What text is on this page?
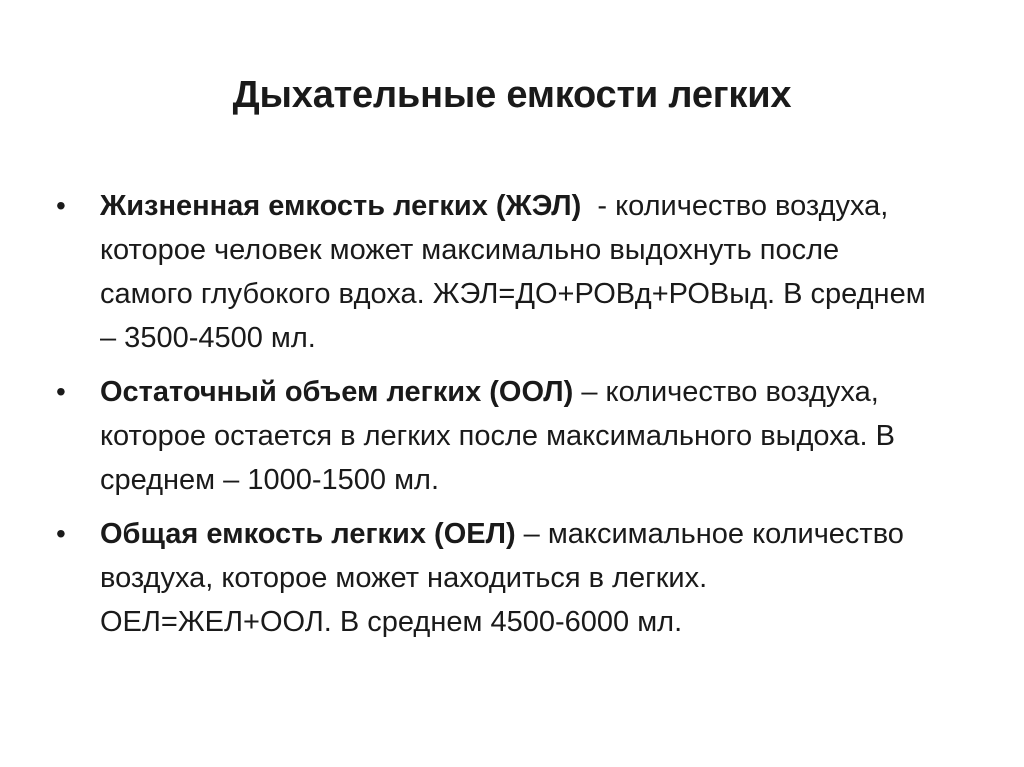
Дыхательные емкости легких
•	Жизненная емкость легких (ЖЭЛ)  - количество воздуха, которое человек может максимально выдохнуть после самого глубокого вдоха. ЖЭЛ=ДО+РОВд+РОВыд. В среднем – 3500-4500 мл.
•	Остаточный объем легких (ООЛ) – количество воздуха, которое остается в легких после максимального выдоха. В среднем – 1000-1500 мл.
•	Общая емкость легких (ОЕЛ) – максимальное количество воздуха, которое может находиться в легких. ОЕЛ=ЖЕЛ+ООЛ. В среднем 4500-6000 мл.
